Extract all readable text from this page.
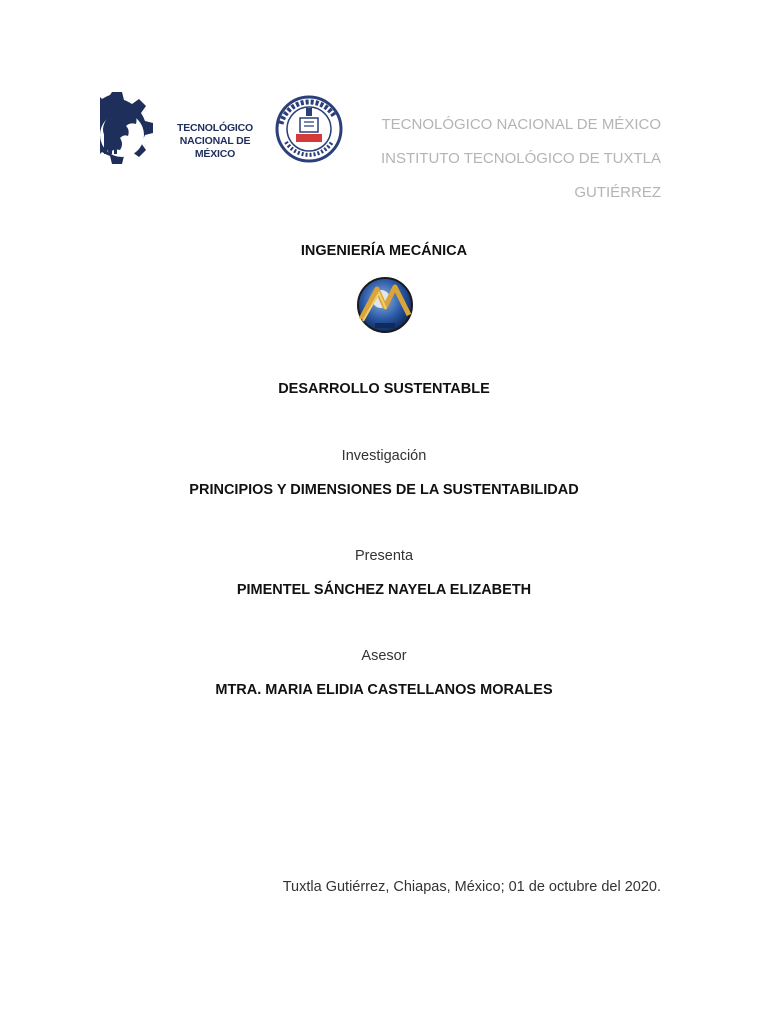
TECNOLÓGICO
NACIONAL DE MÉXICO
TECNOLÓGICO NACIONAL DE MÉXICO
INSTITUTO TECNOLÓGICO DE TUXTLA
GUTIÉRREZ
INGENIERÍA MECÁNICA
DESARROLLO SUSTENTABLE
Investigación
PRINCIPIOS Y DIMENSIONES DE LA SUSTENTABILIDAD
Presenta
PIMENTEL SÁNCHEZ NAYELA ELIZABETH
Asesor
MTRA. MARIA ELIDIA CASTELLANOS MORALES
Tuxtla Gutiérrez, Chiapas, México; 01 de octubre del 2020.
